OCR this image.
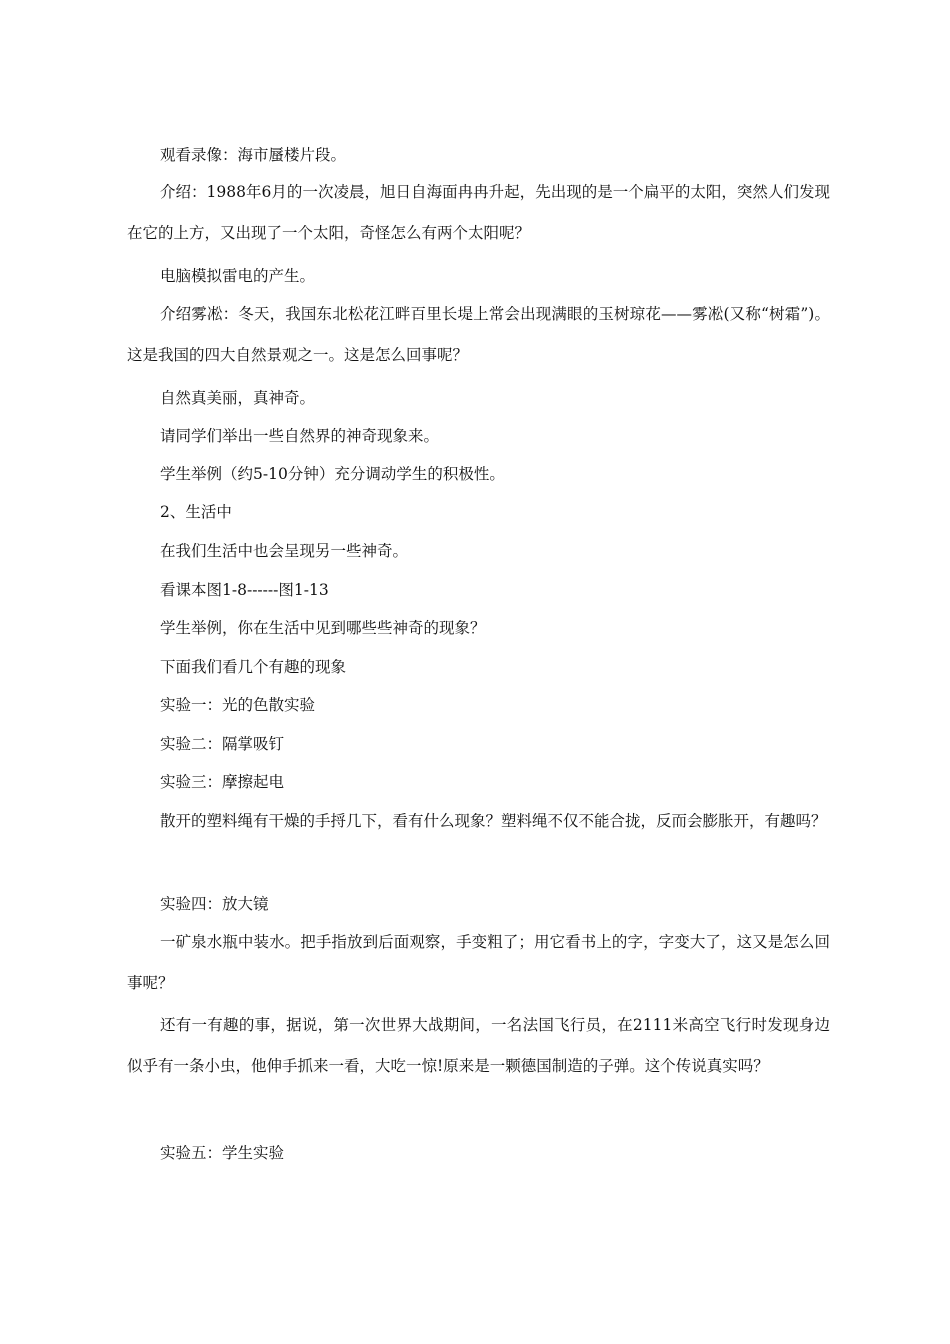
观看录像：海市蜃楼片段。

介绍：1988年6月的一次凌晨，旭日自海面冉冉升起，先出现的是一个扁平的太阳，突然人们发现在它的上方，又出现了一个太阳，奇怪怎么有两个太阳呢？

电脑模拟雷电的产生。

介绍雾凇：冬天，我国东北松花江畔百里长堤上常会出现满眼的玉树琼花——雾凇(又称“树霜”)。这是我国的四大自然景观之一。这是怎么回事呢？

自然真美丽，真神奇。

请同学们举出一些自然界的神奇现象来。

学生举例（约5-10分钟）充分调动学生的积极性。

2、生活中

在我们生活中也会呈现另一些神奇。

看课本图1-8------图1-13

学生举例，你在生活中见到哪些些神奇的现象？

下面我们看几个有趣的现象

实验一：光的色散实验

实验二：隔掌吸钉

实验三：摩擦起电

散开的塑料绳有干燥的手捋几下，看有什么现象？塑料绳不仅不能合拢，反而会膨胀开，有趣吗？

实验四：放大镜

一矿泉水瓶中装水。把手指放到后面观察，手变粗了；用它看书上的字，字变大了，这又是怎么回事呢？

还有一有趣的事，据说，第一次世界大战期间，一名法国飞行员，在2111米高空飞行时发现身边似乎有一条小虫，他伸手抓来一看，大吃一惊!原来是一颗德国制造的子弹。这个传说真实吗？

实验五：学生实验
